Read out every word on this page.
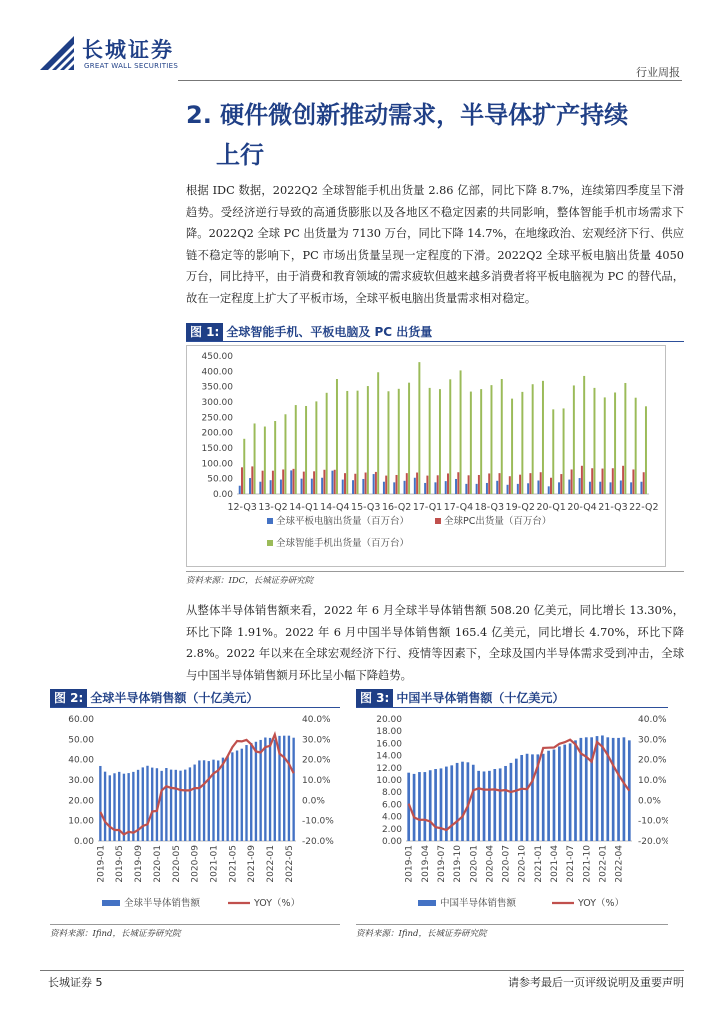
长城证券
GREAT WALL SECURITIES	行业周报
2. 硬件微创新推动需求，半导体扩产持续
上行

根据 IDC 数据，2022Q2 全球智能手机出货量 2.86 亿部，同比下降 8.7%，连续第四季度呈下滑趋势。受经济逆行导致的高通货膨胀以及各地区不稳定因素的共同影响，整体智能手机市场需求下降。2022Q2 全球 PC 出货量为 7130 万台，同比下降 14.7%，在地缘政治、宏观经济下行、供应链不稳定等的影响下，PC 市场出货量呈现一定程度的下滑。2022Q2 全球平板电脑出货量 4050 万台，同比持平，由于消费和教育领域的需求疲软但越来越多消费者将平板电脑视为 PC 的替代品，故在一定程度上扩大了平板市场，全球平板电脑出货量需求相对稳定。

图 1: 全球智能手机、平板电脑及 PC 出货量
0.00
50.00
100.00
150.00
200.00
250.00
300.00
350.00
400.00
450.00
12-Q3 13-Q2 14-Q1 14-Q4 15-Q3 16-Q2 17-Q1 17-Q4 18-Q3 19-Q2 20-Q1 20-Q4 21-Q3 22-Q2
全球平板电脑出货量（百万台）	全球PC出货量（百万台）
全球智能手机出货量（百万台）
资料来源：IDC，长城证券研究院

从整体半导体销售额来看，2022 年 6 月全球半导体销售额 508.20 亿美元，同比增长 13.30%，环比下降 1.91%。2022 年 6 月中国半导体销售额 165.4 亿美元，同比增长 4.70%，环比下降 2.8%。2022 年以来在全球宏观经济下行、疫情等因素下，全球及国内半导体需求受到冲击，全球与中国半导体销售额月环比呈小幅下降趋势。

图 2: 全球半导体销售额（十亿美元）
0.00
10.00
20.00
30.00
40.00
50.00
60.00
-20.0%
-10.0%
0.0%
10.0%
20.0%
30.0%
40.0%
2019-01 2019-05 2019-09 2020-01 2020-05 2020-09 2021-01 2021-05 2021-09 2022-01 2022-05
全球半导体销售额	YOY（%）
资料来源：Ifind，长城证券研究院
图 3: 中国半导体销售额（十亿美元）
0.00
2.00
4.00
6.00
8.00
10.00
12.00
14.00
16.00
18.00
20.00
-20.0%
-10.0%
0.0%
10.0%
20.0%
30.0%
40.0%
2019-01 2019-04 2019-07 2019-10 2020-01 2020-04 2020-07 2020-10 2021-01 2021-04 2021-07 2021-10 2022-01 2022-04
中国半导体销售额	YOY（%）
资料来源：Ifind，长城证券研究院
长城证券 5	请参考最后一页评级说明及重要声明
